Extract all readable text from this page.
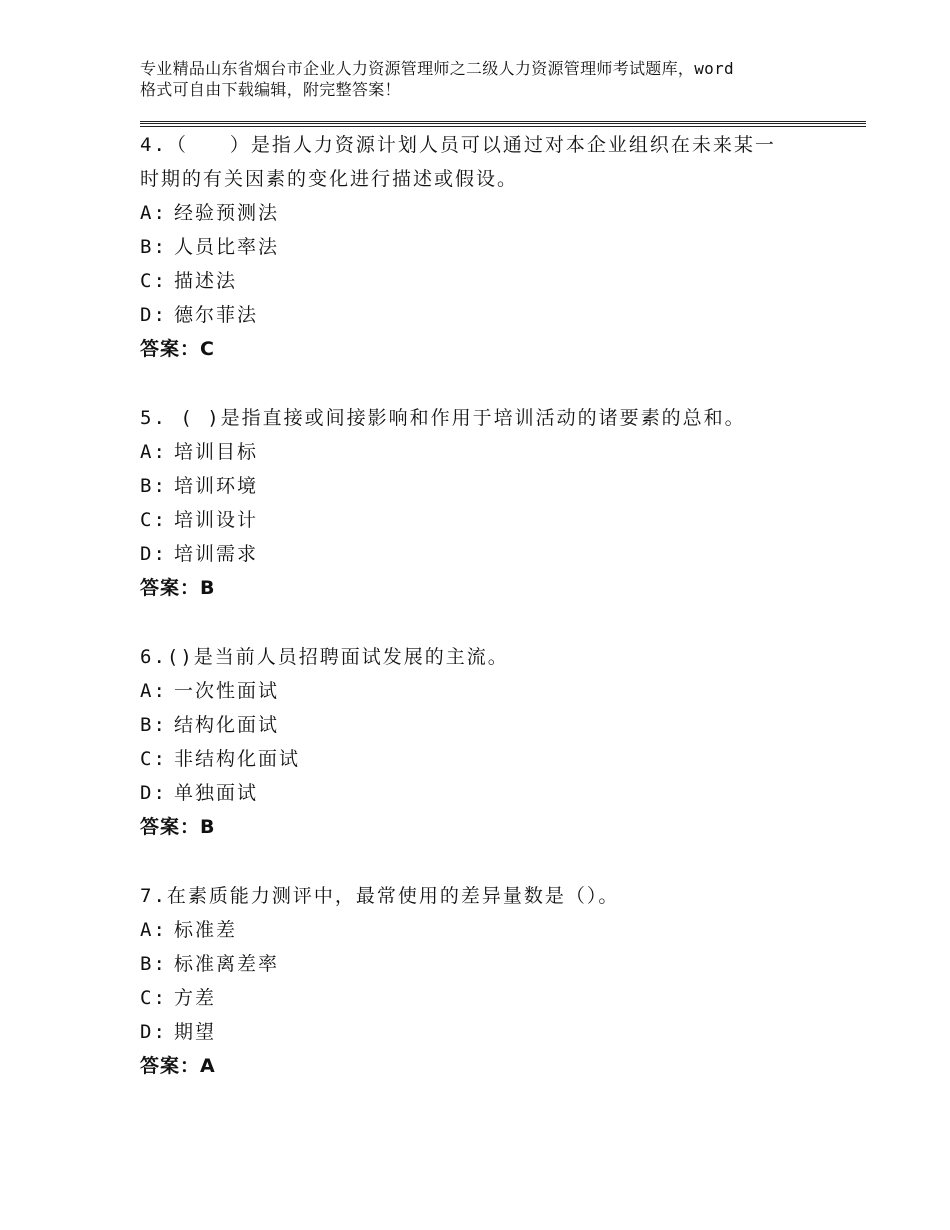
专业精品山东省烟台市企业人力资源管理师之二级人力资源管理师考试题库，word
格式可自由下载编辑，附完整答案！

4.（　　）是指人力资源计划人员可以通过对本企业组织在未来某一

时期的有关因素的变化进行描述或假设。

A: 经验预测法
B: 人员比率法
C: 描述法
D: 德尔菲法

答案：C

5. ( )是指直接或间接影响和作用于培训活动的诸要素的总和。

A: 培训目标
B: 培训环境
C: 培训设计
D: 培训需求

答案：B

6.()是当前人员招聘面试发展的主流。

A: 一次性面试
B: 结构化面试
C: 非结构化面试
D: 单独面试

答案：B

7.在素质能力测评中，最常使用的差异量数是（）。

A: 标准差
B: 标准离差率
C: 方差
D: 期望

答案：A
